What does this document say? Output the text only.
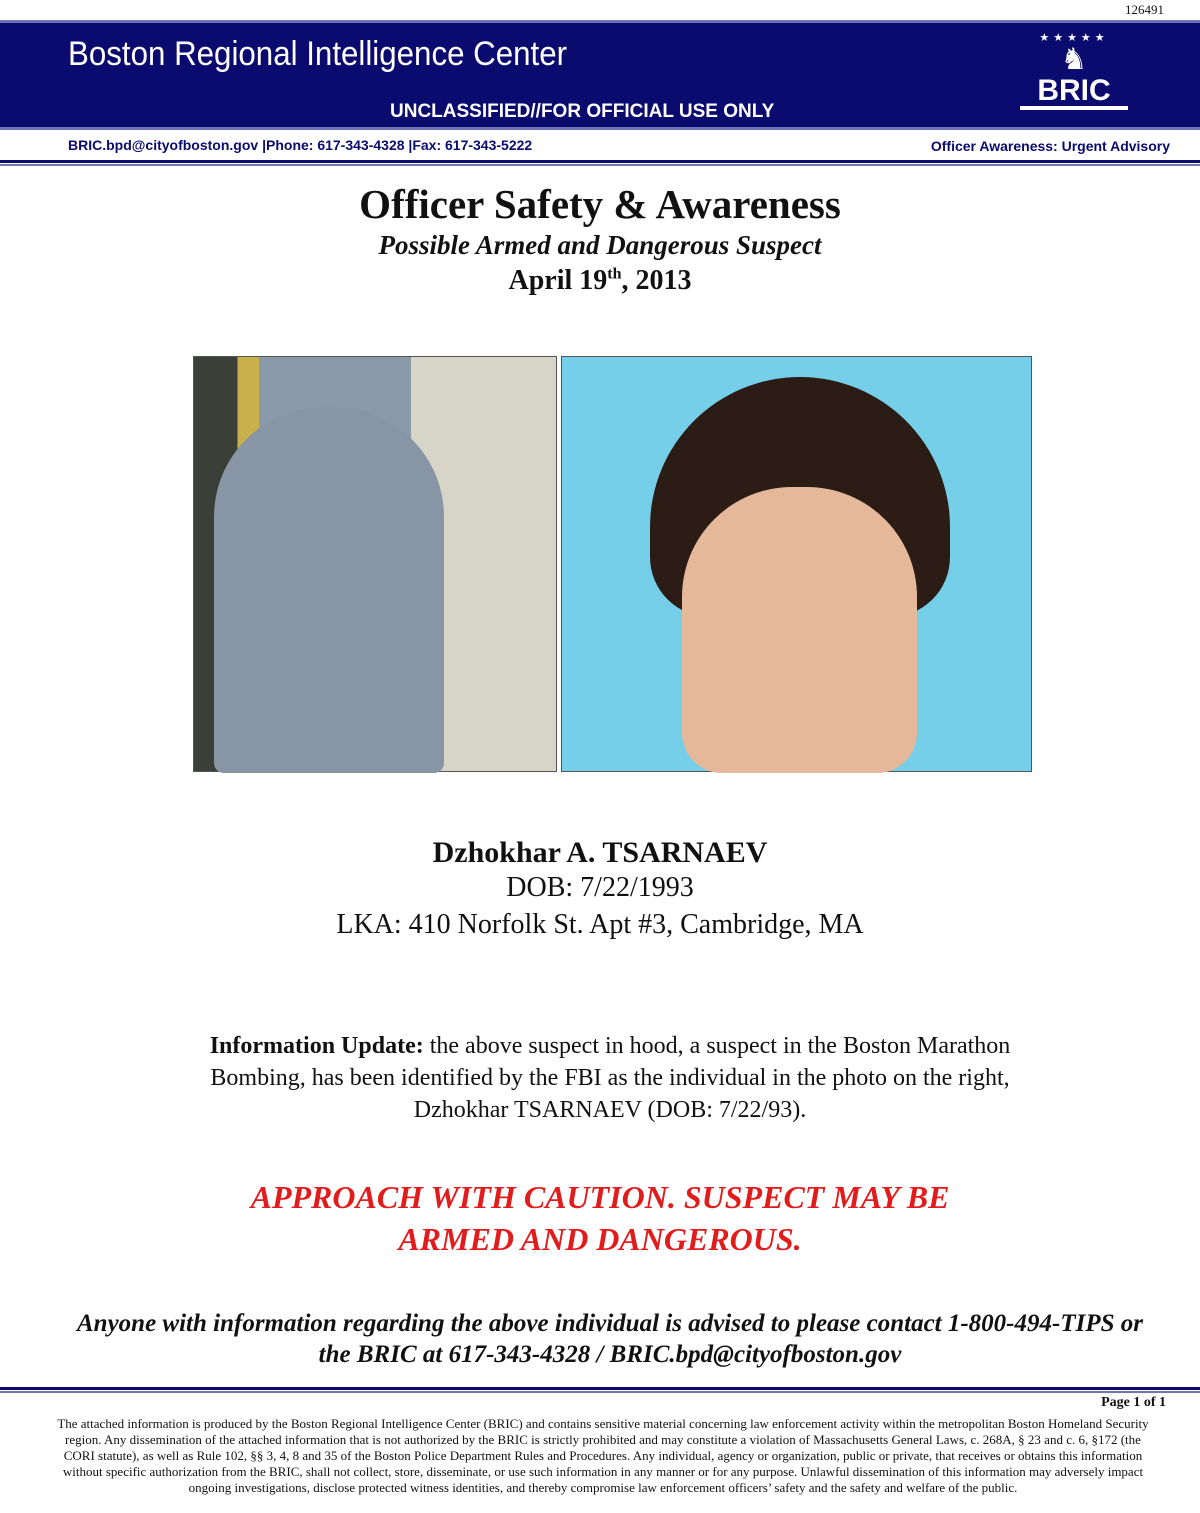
126491
Boston Regional Intelligence Center
UNCLASSIFIED//FOR OFFICIAL USE ONLY
★★★★★
♞
BRIC
BRIC.bpd@cityofboston.gov |Phone: 617-343-4328 |Fax: 617-343-5222	Officer Awareness: Urgent Advisory
Officer Safety & Awareness
Possible Armed and Dangerous Suspect
April 19th, 2013
Dzhokhar A. TSARNAEV
DOB: 7/22/1993
LKA: 410 Norfolk St. Apt #3, Cambridge, MA
Information Update: the above suspect in hood, a suspect in the Boston Marathon Bombing, has been identified by the FBI as the individual in the photo on the right, Dzhokhar TSARNAEV (DOB: 7/22/93).
APPROACH WITH CAUTION. SUSPECT MAY BE
ARMED AND DANGEROUS.
Anyone with information regarding the above individual is advised to please contact 1-800-494-TIPS or the BRIC at 617-343-4328 / BRIC.bpd@cityofboston.gov
Page 1 of 1
The attached information is produced by the Boston Regional Intelligence Center (BRIC) and contains sensitive material concerning law enforcement activity within the metropolitan Boston Homeland Security region. Any dissemination of the attached information that is not authorized by the BRIC is strictly prohibited and may constitute a violation of Massachusetts General Laws, c. 268A, § 23 and c. 6, §172 (the CORI statute), as well as Rule 102, §§ 3, 4, 8 and 35 of the Boston Police Department Rules and Procedures. Any individual, agency or organization, public or private, that receives or obtains this information without specific authorization from the BRIC, shall not collect, store, disseminate, or use such information in any manner or for any purpose. Unlawful dissemination of this information may adversely impact ongoing investigations, disclose protected witness identities, and thereby compromise law enforcement officers’ safety and the safety and welfare of the public.
